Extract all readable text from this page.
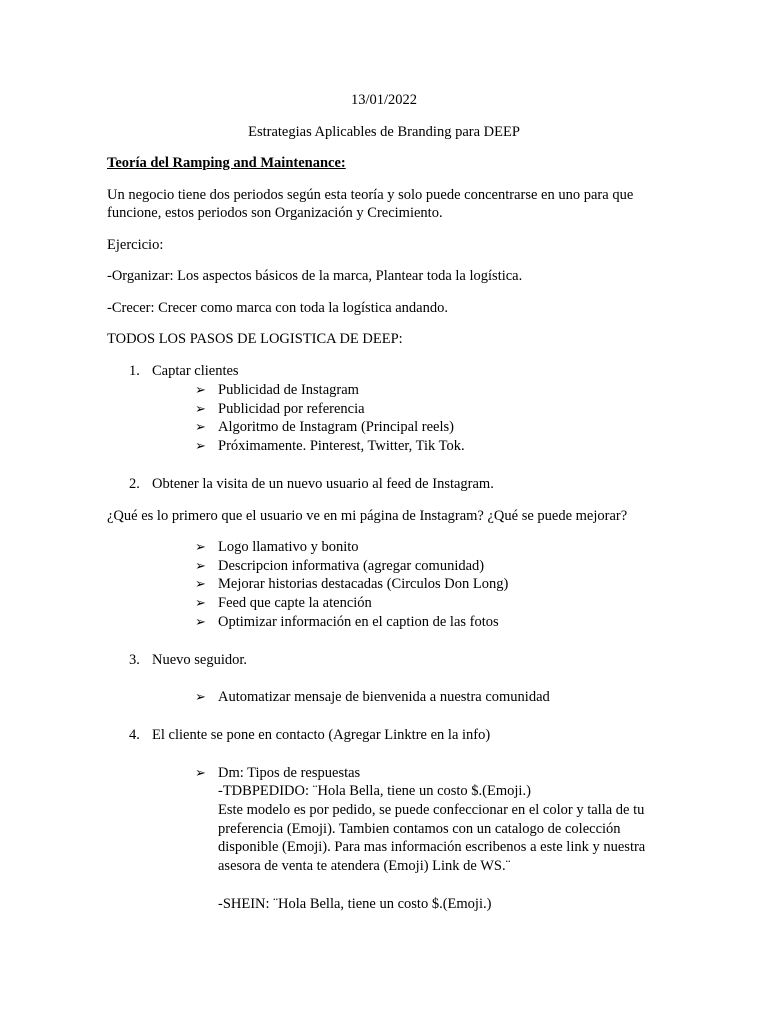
13/01/2022
Estrategias Aplicables de Branding para DEEP
Teoría del Ramping and Maintenance:
Un negocio tiene dos periodos según esta teoría y solo puede concentrarse en uno para que
funcione, estos periodos son Organización y Crecimiento.
Ejercicio:
-Organizar: Los aspectos básicos de la marca, Plantear toda la logística.
-Crecer: Crecer como marca con toda la logística andando.
TODOS LOS PASOS DE LOGISTICA DE DEEP:
1. Captar clientes
➢ Publicidad de Instagram
➢ Publicidad por referencia
➢ Algoritmo de Instagram (Principal reels)
➢ Próximamente. Pinterest, Twitter, Tik Tok.
2. Obtener la visita de un nuevo usuario al feed de Instagram.
¿Qué es lo primero que el usuario ve en mi página de Instagram? ¿Qué se puede mejorar?
➢ Logo llamativo y bonito
➢ Descripcion informativa (agregar comunidad)
➢ Mejorar historias destacadas (Circulos Don Long)
➢ Feed que capte la atención
➢ Optimizar información en el caption de las fotos
3. Nuevo seguidor.
➢ Automatizar mensaje de bienvenida a nuestra comunidad
4. El cliente se pone en contacto (Agregar Linktre en la info)
➢ Dm: Tipos de respuestas
-TDBPEDIDO: ¨Hola Bella, tiene un costo $.(Emoji.)
Este modelo es por pedido, se puede confeccionar en el color y talla de tu
preferencia (Emoji). Tambien contamos con un catalogo de colección
disponible (Emoji). Para mas información escribenos a este link y nuestra
asesora de venta te atendera (Emoji) Link de WS.¨
-SHEIN: ¨Hola Bella, tiene un costo $.(Emoji.)
